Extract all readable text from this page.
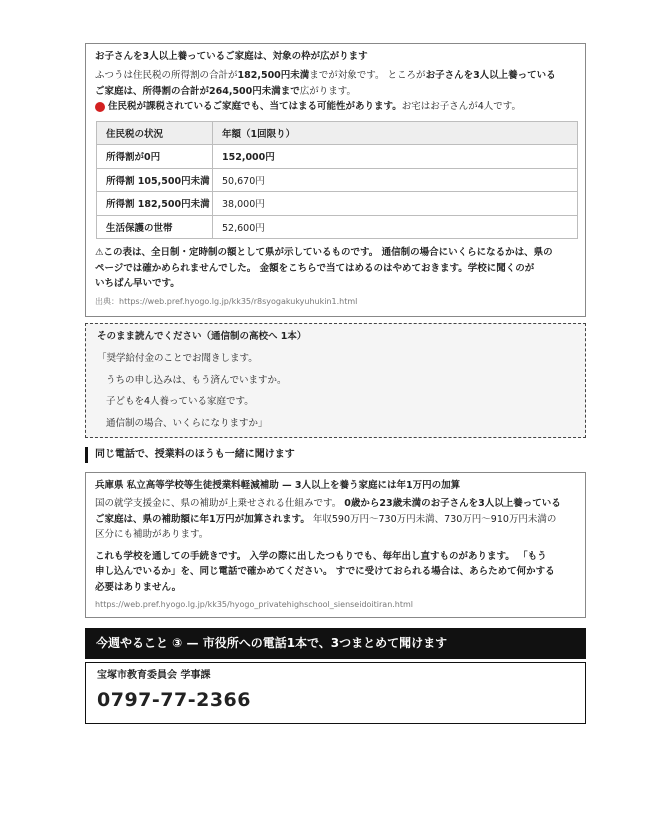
お子さんを3人以上養っているご家庭は、対象の枠が広がります

ふつうは住民税の所得割の合計が182,500円未満までが対象です。 ところがお子さんを3人以上養っている
ご家庭は、所得割の合計が264,500円未満まで広がります。

住民税が課税されているご家庭でも、当てはまる可能性があります。 お宅はお子さんが4人です。

住民税の状況	年額（1回限り）
所得割が0円	152,000円
所得割 105,500円未満	50,670円
所得割 182,500円未満	38,000円
生活保護の世帯	52,600円

⚠この表は、全日制・定時制の額として県が示しているものです。 通信制の場合にいくらになるかは、県の
ページでは確かめられませんでした。 金額をこちらで当てはめるのはやめておきます。学校に聞くのが
いちばん早いです。

出典：https://web.pref.hyogo.lg.jp/kk35/r8syogakukyuhukin1.html

そのまま読んでください（通信制の高校へ 1本）

「奨学給付金のことでお聞きします。

うちの申し込みは、もう済んでいますか。

子どもを4人養っている家庭です。

通信制の場合、いくらになりますか」

同じ電話で、授業料のほうも一緒に聞けます

兵庫県 私立高等学校等生徒授業料軽減補助 — 3人以上を養う家庭には年1万円の加算

国の就学支援金に、県の補助が上乗せされる仕組みです。 0歳から23歳未満のお子さんを3人以上養っている
ご家庭は、県の補助額に年1万円が加算されます。 年収590万円〜730万円未満、730万円〜910万円未満の
区分にも補助があります。

これも学校を通しての手続きです。 入学の際に出したつもりでも、毎年出し直すものがあります。 「もう
申し込んでいるか」を、同じ電話で確かめてください。 すでに受けておられる場合は、あらためて何かする
必要はありません。

https://web.pref.hyogo.lg.jp/kk35/hyogo_privatehighschool_sienseidoitiran.html

今週やること ③ — 市役所への電話1本で、3つまとめて聞けます

宝塚市教育委員会 学事課

0797-77-2366
